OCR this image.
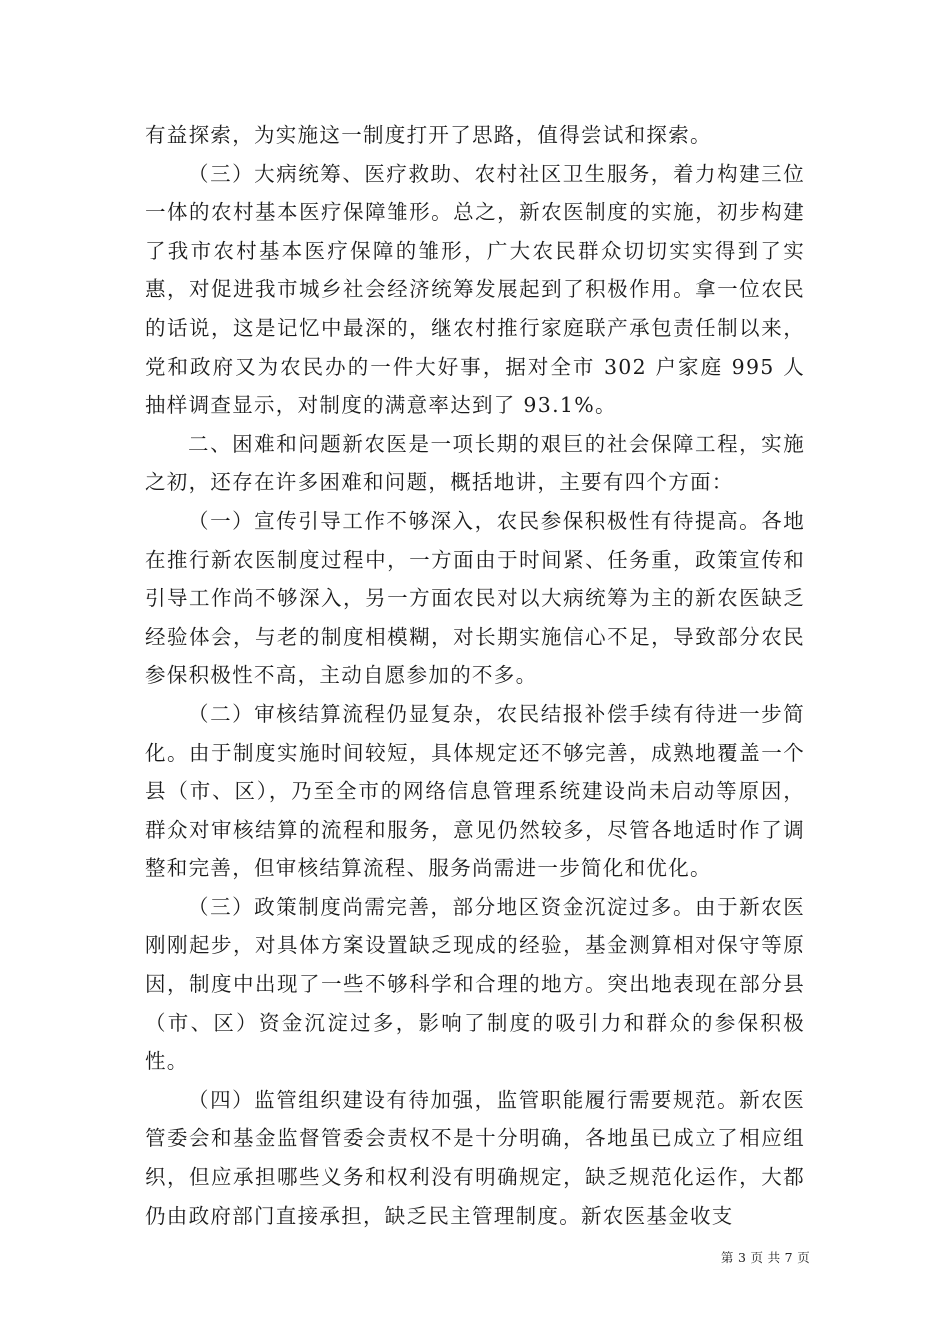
有益探索，为实施这一制度打开了思路，值得尝试和探索。

（三）大病统筹、医疗救助、农村社区卫生服务，着力构建三位一体的农村基本医疗保障雏形。总之，新农医制度的实施，初步构建了我市农村基本医疗保障的雏形，广大农民群众切切实实得到了实惠，对促进我市城乡社会经济统筹发展起到了积极作用。拿一位农民的话说，这是记忆中最深的，继农村推行家庭联产承包责任制以来，党和政府又为农民办的一件大好事，据对全市 302 户家庭 995 人抽样调查显示，对制度的满意率达到了 93.1%。

二、困难和问题新农医是一项长期的艰巨的社会保障工程，实施之初，还存在许多困难和问题，概括地讲，主要有四个方面：

（一）宣传引导工作不够深入，农民参保积极性有待提高。各地在推行新农医制度过程中，一方面由于时间紧、任务重，政策宣传和引导工作尚不够深入，另一方面农民对以大病统筹为主的新农医缺乏经验体会，与老的制度相模糊，对长期实施信心不足，导致部分农民参保积极性不高，主动自愿参加的不多。

（二）审核结算流程仍显复杂，农民结报补偿手续有待进一步简化。由于制度实施时间较短，具体规定还不够完善，成熟地覆盖一个县（市、区），乃至全市的网络信息管理系统建设尚未启动等原因，群众对审核结算的流程和服务，意见仍然较多，尽管各地适时作了调整和完善，但审核结算流程、服务尚需进一步简化和优化。

（三）政策制度尚需完善，部分地区资金沉淀过多。由于新农医刚刚起步，对具体方案设置缺乏现成的经验，基金测算相对保守等原因，制度中出现了一些不够科学和合理的地方。突出地表现在部分县（市、区）资金沉淀过多，影响了制度的吸引力和群众的参保积极性。

（四）监管组织建设有待加强，监管职能履行需要规范。新农医管委会和基金监督管委会责权不是十分明确，各地虽已成立了相应组织，但应承担哪些义务和权利没有明确规定，缺乏规范化运作，大都仍由政府部门直接承担，缺乏民主管理制度。新农医基金收支

第 3 页 共 7 页
